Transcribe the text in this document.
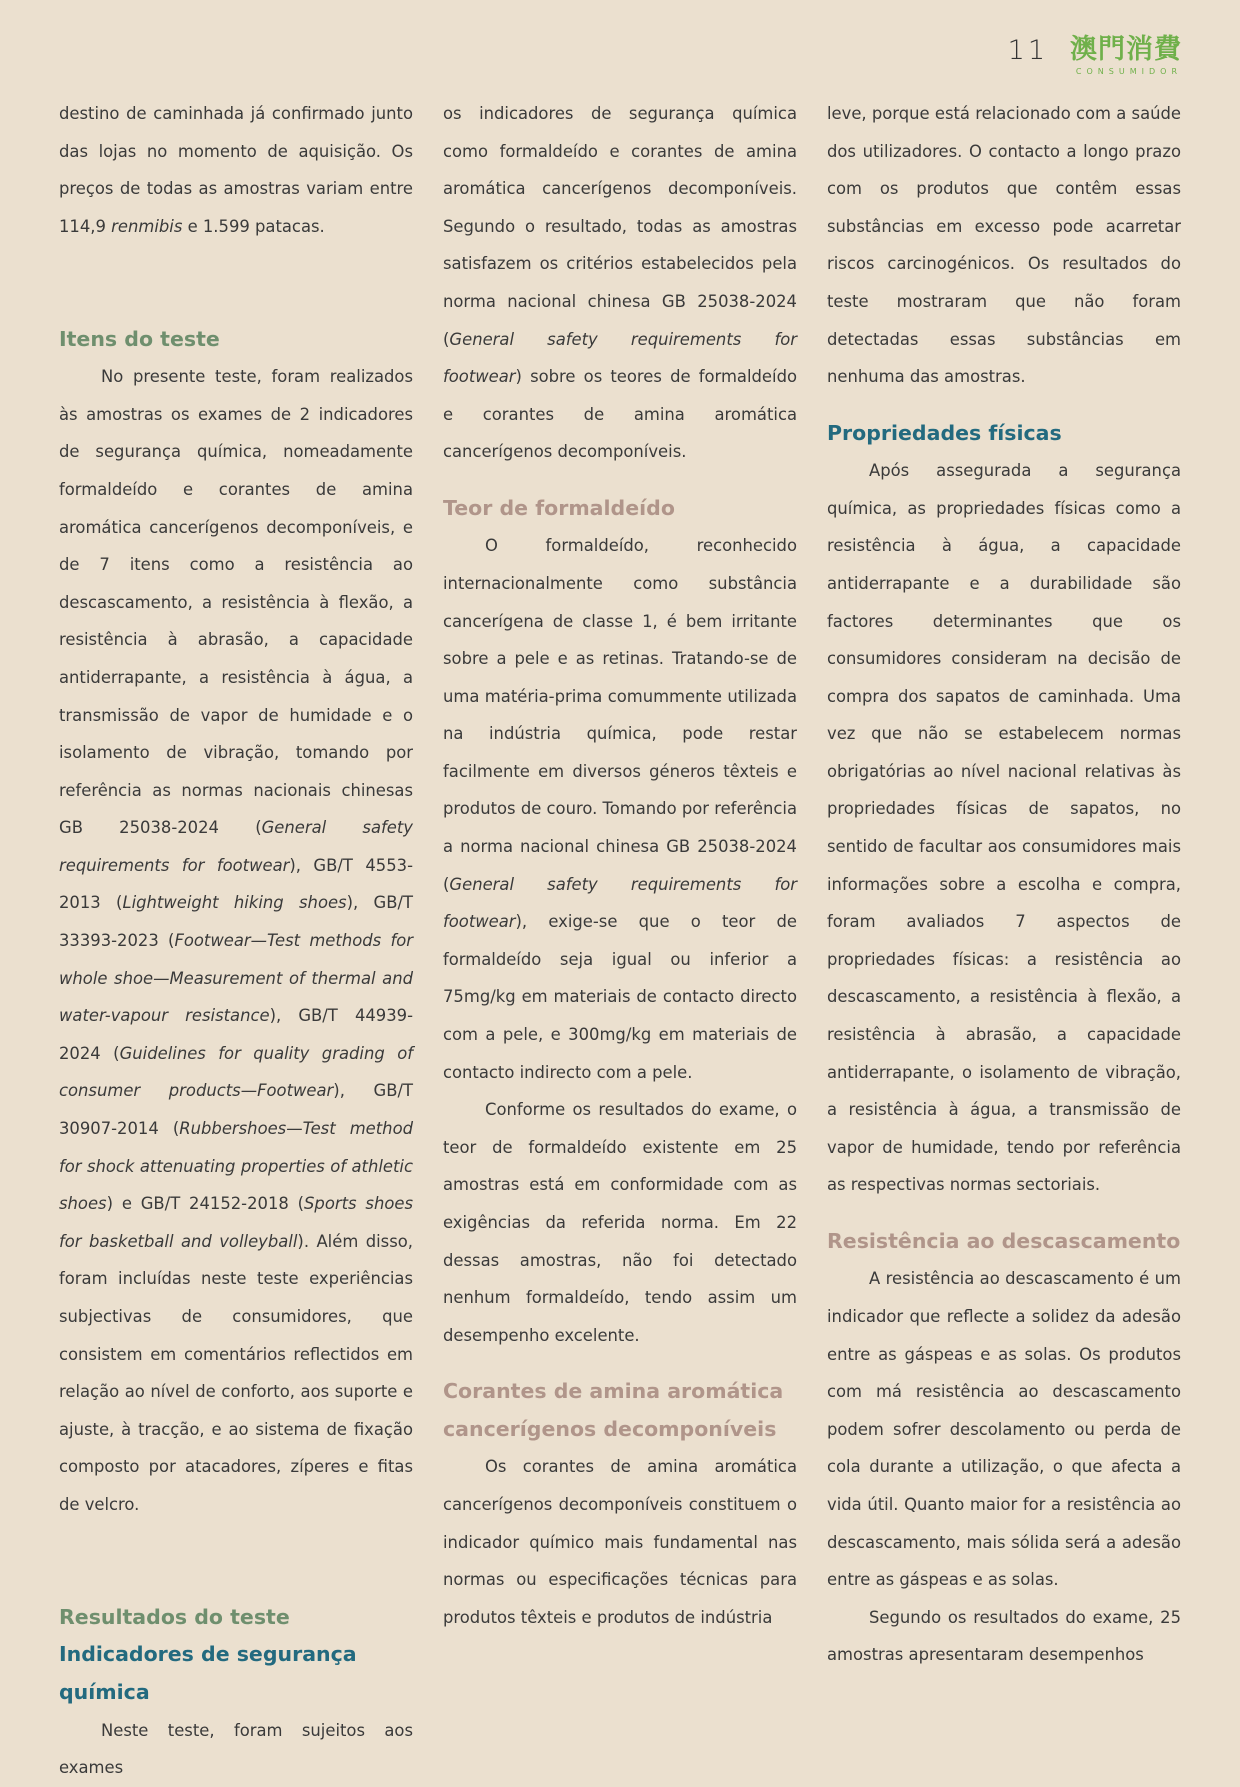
11 澳門消費
CONSUMIDOR

destino de caminhada já confirmado junto das lojas no momento de aquisição. Os preços de todas as amostras variam entre 114,9 renmibis e 1.599 patacas.

Itens do teste

No presente teste, foram realizados às amostras os exames de 2 indicadores de segurança química, nomeadamente formaldeído e corantes de amina aromática cancerígenos decomponíveis, e de 7 itens como a resistência ao descascamento, a resistência à flexão, a resistência à abrasão, a capacidade antiderrapante, a resistência à água, a transmissão de vapor de humidade e o isolamento de vibração, tomando por referência as normas nacionais chinesas GB 25038-2024 (General safety requirements for footwear), GB/T 4553-2013 (Lightweight hiking shoes), GB/T 33393-2023 (Footwear—Test methods for whole shoe—Measurement of thermal and water-vapour resistance), GB/T 44939-2024 (Guidelines for quality grading of consumer products—Footwear), GB/T 30907-2014 (Rubbershoes—Test method for shock attenuating properties of athletic shoes) e GB/T 24152-2018 (Sports shoes for basketball and volleyball). Além disso, foram incluídas neste teste experiências subjectivas de consumidores, que consistem em comentários reflectidos em relação ao nível de conforto, aos suporte e ajuste, à tracção, e ao sistema de fixação composto por atacadores, zíperes e fitas de velcro.

Resultados do teste
Indicadores de segurança química

Neste teste, foram sujeitos aos exames

os indicadores de segurança química como formaldeído e corantes de amina aromática cancerígenos decomponíveis. Segundo o resultado, todas as amostras satisfazem os critérios estabelecidos pela norma nacional chinesa GB 25038-2024 (General safety requirements for footwear) sobre os teores de formaldeído e corantes de amina aromática cancerígenos decomponíveis.

Teor de formaldeído

O formaldeído, reconhecido internacionalmente como substância cancerígena de classe 1, é bem irritante sobre a pele e as retinas. Tratando-se de uma matéria-prima comummente utilizada na indústria química, pode restar facilmente em diversos géneros têxteis e produtos de couro. Tomando por referência a norma nacional chinesa GB 25038-2024 (General safety requirements for footwear), exige-se que o teor de formaldeído seja igual ou inferior a 75mg/kg em materiais de contacto directo com a pele, e 300mg/kg em materiais de contacto indirecto com a pele.

Conforme os resultados do exame, o teor de formaldeído existente em 25 amostras está em conformidade com as exigências da referida norma. Em 22 dessas amostras, não foi detectado nenhum formaldeído, tendo assim um desempenho excelente.

Corantes de amina aromática
cancerígenos decomponíveis

Os corantes de amina aromática cancerígenos decomponíveis constituem o indicador químico mais fundamental nas normas ou especificações técnicas para produtos têxteis e produtos de indústria

leve, porque está relacionado com a saúde dos utilizadores. O contacto a longo prazo com os produtos que contêm essas substâncias em excesso pode acarretar riscos carcinogénicos. Os resultados do teste mostraram que não foram detectadas essas substâncias em nenhuma das amostras.

Propriedades físicas

Após assegurada a segurança química, as propriedades físicas como a resistência à água, a capacidade antiderrapante e a durabilidade são factores determinantes que os consumidores consideram na decisão de compra dos sapatos de caminhada. Uma vez que não se estabelecem normas obrigatórias ao nível nacional relativas às propriedades físicas de sapatos, no sentido de facultar aos consumidores mais informações sobre a escolha e compra, foram avaliados 7 aspectos de propriedades físicas: a resistência ao descascamento, a resistência à flexão, a resistência à abrasão, a capacidade antiderrapante, o isolamento de vibração, a resistência à água, a transmissão de vapor de humidade, tendo por referência as respectivas normas sectoriais.

Resistência ao descascamento

A resistência ao descascamento é um indicador que reflecte a solidez da adesão entre as gáspeas e as solas. Os produtos com má resistência ao descascamento podem sofrer descolamento ou perda de cola durante a utilização, o que afecta a vida útil. Quanto maior for a resistência ao descascamento, mais sólida será a adesão entre as gáspeas e as solas.

Segundo os resultados do exame, 25 amostras apresentaram desempenhos
